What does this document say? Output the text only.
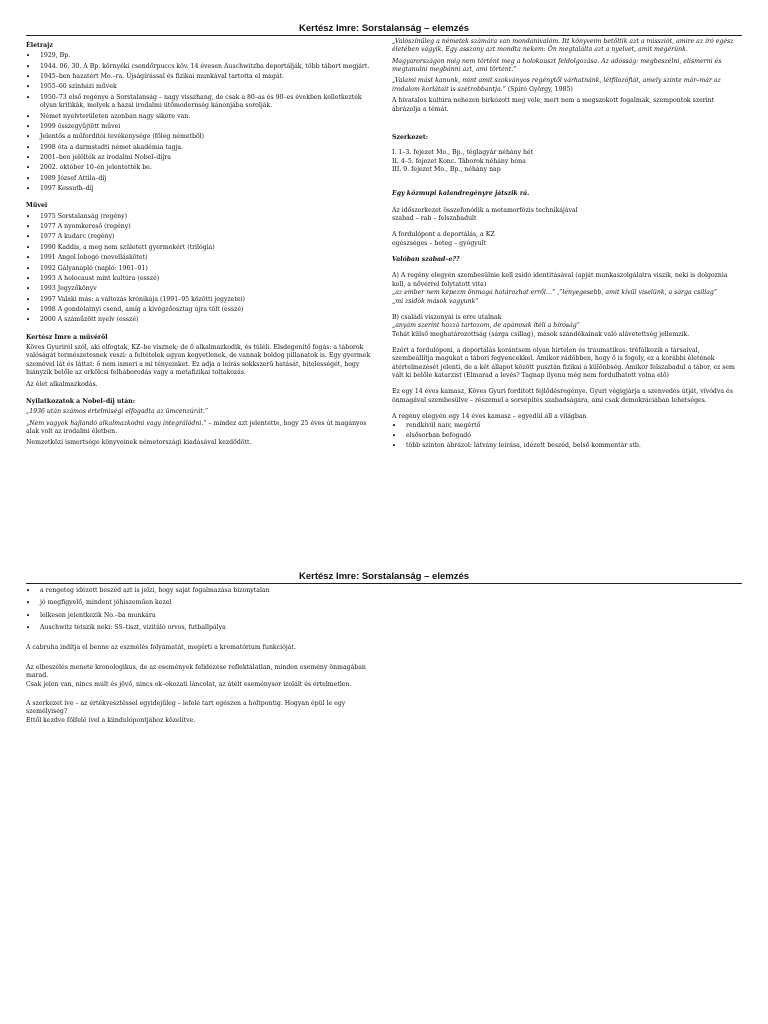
Kertész Imre: Sorstalanság – elemzés
Életrajz
• 1929, Bp.
• 1944. 06. 30. A Bp. környéki csendőrpuccs köv. 14 évesen Auschwitzba deportálják, több tábort megjárt.
• 1945–ben hazatért Mo.–ra. Újságírással és fizikai munkával tartotta el magát.
• 1955–60 színházi művek
• 1950–73 első regénye a Sorstalanság – nagy visszhang, de csak a 80–as és 90–es években kelletkezték olyan kritikák, melyek a hazai irodalmi ütőmodernség kánonjába sorolják.
• Német nyelvterületen azonban nagy sikere van.
• 1999 összegyűjtött művei
• Jelentős a műfordítói tevékenysége (főleg németből)
• 1998 óta a darmstadti német akadémia tagja.
• 2001–ben jelölték az irodalmi Nobel–díjra
• 2002. október 10–én jelentették be.
• 1989 József Attila–díj
• 1997 Kossuth–díj
Művei
• 1975 Sorstalanság (regény)
• 1977 A nyomkereső (regény)
• 1977 A kudarc (regény)
• 1990 Kaddis, a meg nem született gyermekért (trilógia)
• 1991 Angol lobogó (novelláskötet)
• 1992 Gályanapló (napló: 1961–91)
• 1993 A holocaust mint kultúra (esszé)
• 1993 Jegyzőkönyv
• 1997 Valaki más: a változás krónikája (1991–95 közötti jegyzetei)
• 1998 A gondolatnyi csend, amíg a kivégzőosztag újra tölt (esszé)
• 2000 A száműzött nyelv (esszé)
Kertész Imre a művéről

Köves Gyuriról szól, aki elfogtak, KZ–be visznek; de ő alkalmazkodik, és túléli. Elsdegenítő fogás: a táborok valóságát természetesnek veszi: a feltételek ugyan kegyetlenek, de vannak boldog pillanatok is. Egy gyermek szemével lát és láttat: ő nem ismeri a mi tényeinket. Ez adja a leírás sokkszerű hatását, hitelességét, hogy hiányzik belőle az erkölcsi felháborodás vagy a metafizikai toltakozás.

Az élet alkalmazkodás.

Nyilatkozatok a Nobel–díj után:

„1936 után számos értelmiségi elfogadta az ümcenzúrát.”

„Nem vagyok hajlandó alkalmazkodni vagy integrálódni.” – mindez azt jelentette, hogy 25 éves út magányos alak volt az irodalmi életben.

Nemzetközi ismertsége könyveinek németországi kiadásával kezdődött.

„Valószínűleg a németek számára van mondanivalóm. Itt könyveim betöltik azt a missziót, amire az író egész életében vágyik. Egy asszony azt mondta nekem: Ön megtalálta azt a nyelvet, amit megérünk.

Magyarországon még nem történt meg a holokauszt feldolgozása. Az adósság: megbeszélni, elismerni és megtanulni megbánni azt, ami történt.”

„Valami mást kanunk, mint amit szokványos regénytől várhatnánk, létfilozófiát, amely szinte már–már az irodalom korlátait is szétrobbantja.” (Spiró György, 1985)

A hivatalos kultúra nehezen birkózott meg vele, mert nem a megszokott fogalmak, szempontok szerint ábrázolja a témát.

Szerkezet:

I. 1–3. fejezet Mo., Bp., téglagyár néhány hét

II. 4–5. fejezet Konc. Táborok néhány hóna

III. 9. fejezet Mo., Bp., néhány nap

Egy közmupi kalandregényre játszik rá.

Az időszerkezet összefonódik a metamorfózis technikájával

szabad – rab – felszabadult

A fordulópont a deportálás, a KZ

egészséges – beteg – gyógyult

Valóban szabad–e??

A) A regény elegyén szembesülnie kell zsidó identitásával (apját munkaszolgálatra viszik, neki is dolgoznia kell, a nővérrel folytatott vita)

„az ember nem képezm önmaga határozhat erről…” ,”lényegesebb, amit kívül viselünk, a sárga csillag”

„mi zsidók mások vagyunk”

B) családi viszonyai is erre utalnak

„anyám szerint hozzá tartozom, de apámnak ítéli a bíróság”

Tehát külső meghatározottság (sárga csillag), mások szándékainak való alávetettség jellemzik.

Ezért a fordulóponi, a deportálás korántsem olyan hirtelen és traumatikus: tréfálkozik a társaival, szembeállítja magukat a tábori fegyencekkel. Amikor rádöbben, hogy ő is fogoly, ez a korábbi életének átértelmezését jelenti, de a két állapot között pusztán fizikai a különbség. Amikor felszabadul a tábor, ez sem vált ki belőle katarzist (Elmarad a levés? Tagnap ilyenu még nem fordulhatott volna elő)

Ez egy 14 éves kamasz, Köves Gyuri fordított fejlődésregénye. Gyuri végigjárja a szenvedés útját, vívódva és önmagával szembesülve – részemel a sorsépítés szabadságára, ami csak demokráciában lehetséges.

A regény elegyén egy 14 éves kamasz – egyedül áll a világban

• rendkívül naiv, megértő
• elsősorban befogadó
• több szinten ábrázol: látvány leírása, idézett beszéd, belső kommentár stb.
Kertész Imre: Sorstalanság – elemzés
• a rengeteg idézett beszéd azt is jelzi, hogy saját fogalmazása bizonytalan
• jó megfigyelő, mindent jóhiszeműen kezel
• lelkesen jelentkezik No.–ba munkára
• Auschwitz tetszik neki: SS–tiszt, vizitáló orvos, futballpálya

A cabruha indítja el benne az eszmélés folyamatát, megérti a krematórium funkcióját.

Az elbeszélés menete kronologikus, de az események felidézése reflektálatlan, minden esemény önmagában marad.

Csak jelen van, nincs múlt és jövő, nincs ok–okozati láncolat, az átélt eseménysor izolált és értelmetlen.

A szerkezet íve – az értékvesztéssel egyidejűleg – lefelé tart egészen a holtpontig. Hogyan épül le egy személyiség?

Ettől kezdve fölfelé ível a kiindulópontjához közelítve.
